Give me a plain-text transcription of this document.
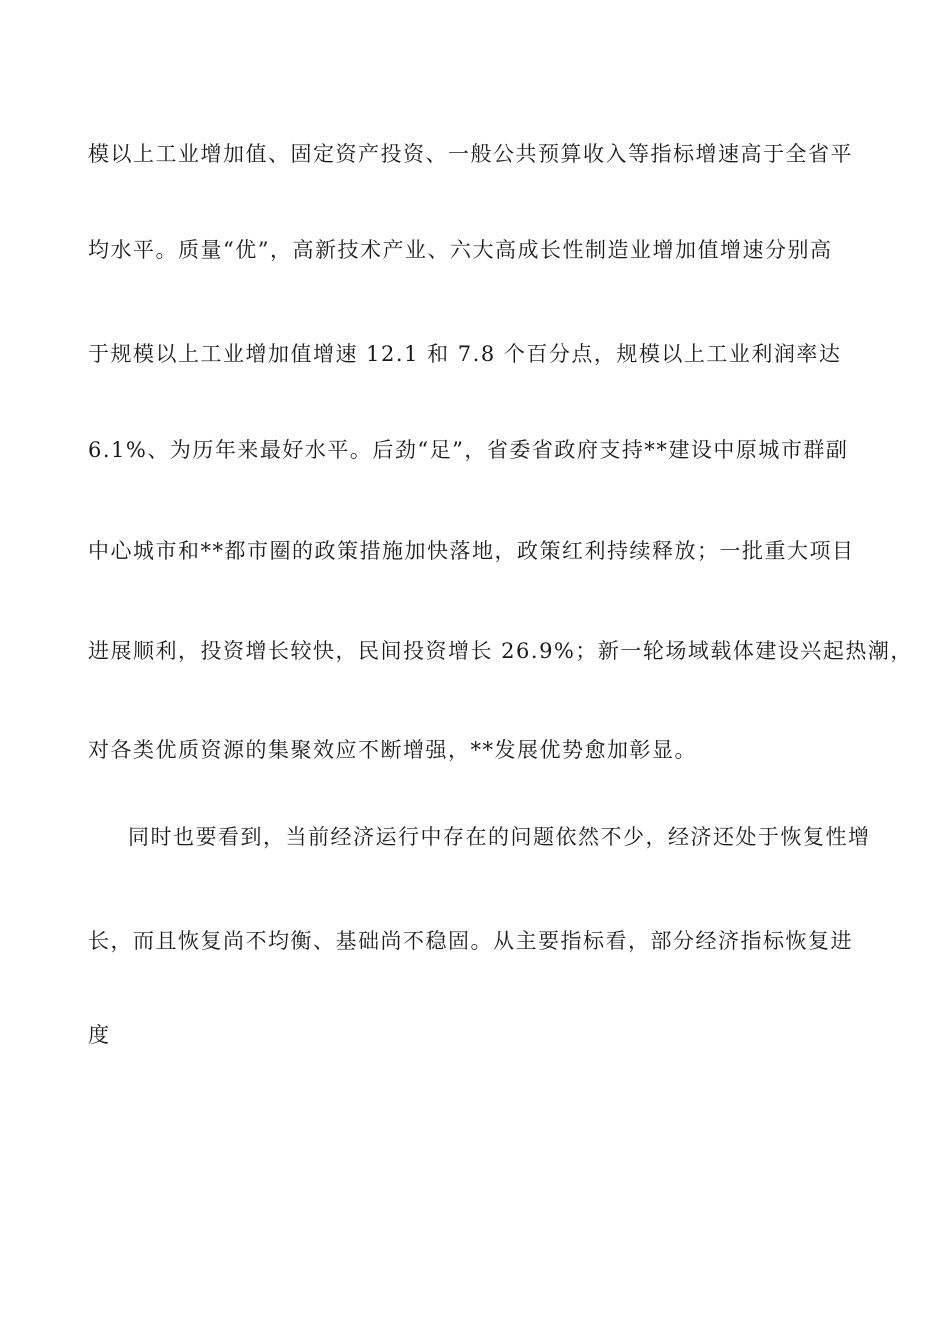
模以上工业增加值、固定资产投资、一般公共预算收入等指标增速高于全省平
均水平。质量“优”，高新技术产业、六大高成长性制造业增加值增速分别高
于规模以上工业增加值增速 12.1 和 7.8 个百分点，规模以上工业利润率达
6.1%、为历年来最好水平。后劲“足”，省委省政府支持**建设中原城市群副
中心城市和**都市圈的政策措施加快落地，政策红利持续释放；一批重大项目
进展顺利，投资增长较快，民间投资增长 26.9%；新一轮场域载体建设兴起热潮，
对各类优质资源的集聚效应不断增强，**发展优势愈加彰显。
同时也要看到，当前经济运行中存在的问题依然不少，经济还处于恢复性增
长，而且恢复尚不均衡、基础尚不稳固。从主要指标看，部分经济指标恢复进
度
